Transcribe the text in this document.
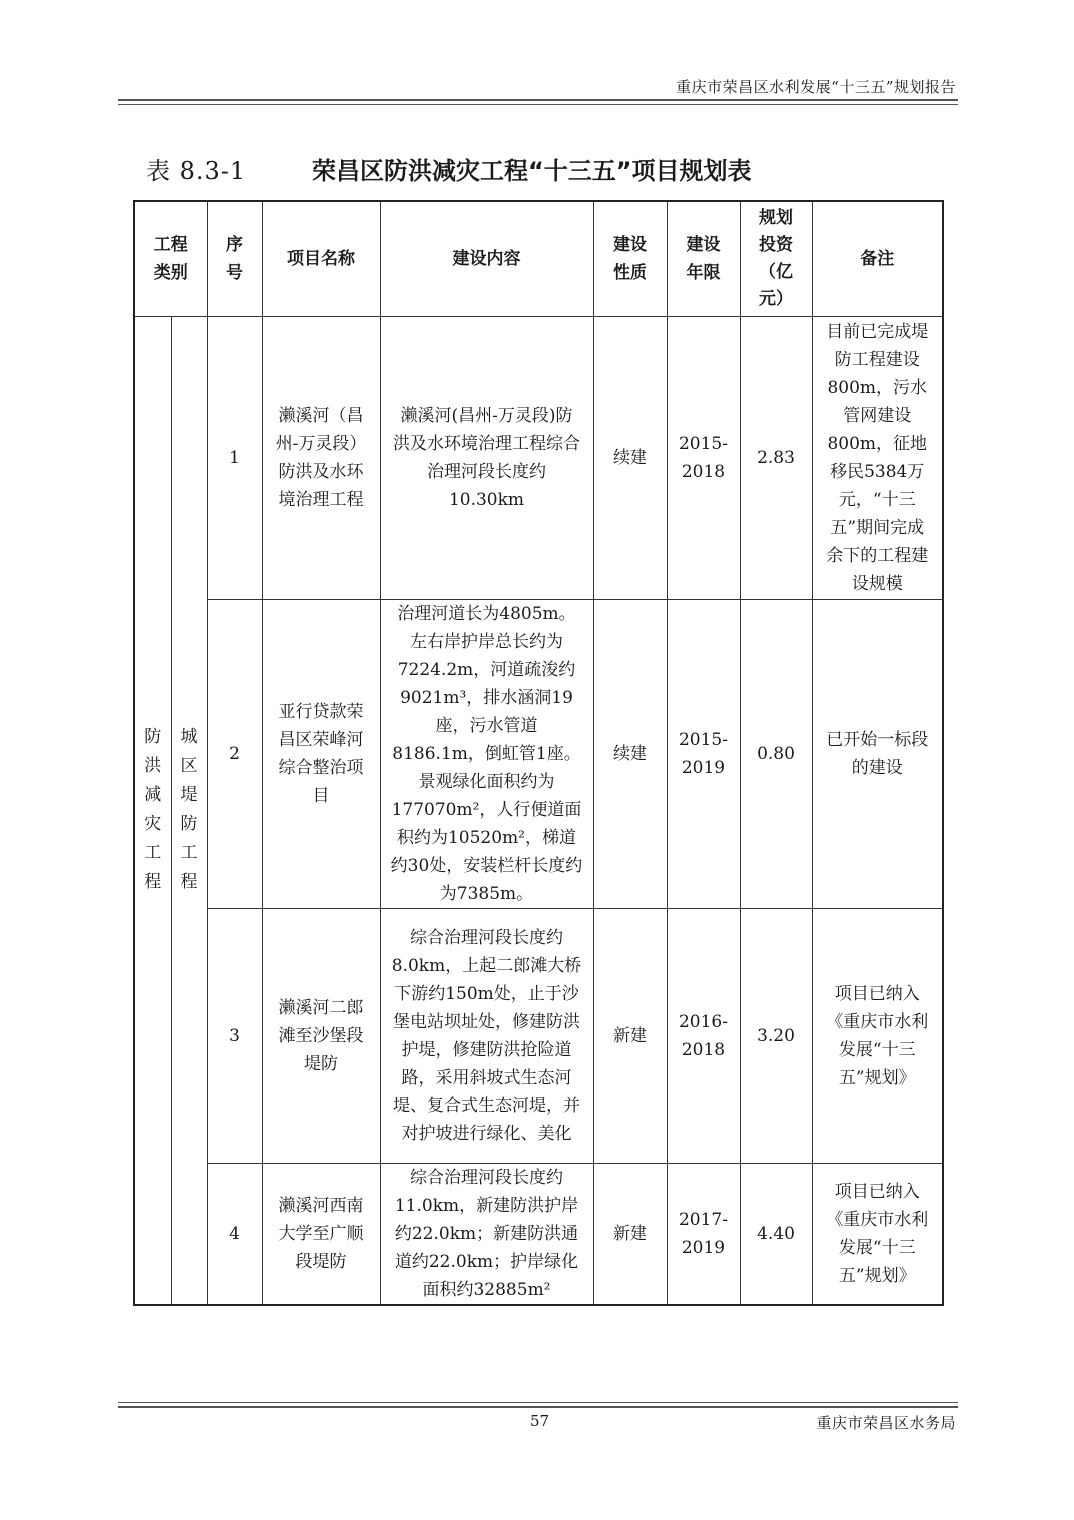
重庆市荣昌区水利发展“十三五”规划报告
表 8.3-1	荣昌区防洪减灾工程“十三五”项目规划表
工程类别		序号	项目名称	建设内容	建设性质	建设年限	规划投资（亿元）	备注

防洪减灾工程	城区堤防工程	1	濑溪河（昌州-万灵段）防洪及水环境治理工程	濑溪河(昌州-万灵段)防洪及水环境治理工程综合治理河段长度约10.30km	续建	2015-2018	2.83	目前已完成堤防工程建设800m，污水管网建设800m，征地移民5384万元，“十三五”期间完成余下的工程建设规模

		2	亚行贷款荣昌区荣峰河综合整治项目	治理河道长为4805m。左右岸护岸总长约为7224.2m，河道疏浚约9021m³，排水涵洞19座，污水管道8186.1m，倒虹管1座。景观绿化面积约为177070m²，人行便道面积约为10520m²，梯道约30处，安装栏杆长度约为7385m。	续建	2015-2019	0.80	已开始一标段的建设

		3	濑溪河二郎滩至沙堡段堤防	综合治理河段长度约8.0km，上起二郎滩大桥下游约150m处，止于沙堡电站坝址处，修建防洪护堤，修建防洪抢险道路，采用斜坡式生态河堤、复合式生态河堤，并对护坡进行绿化、美化	新建	2016-2018	3.20	项目已纳入《重庆市水利发展“十三五”规划》

		4	濑溪河西南大学至广顺段堤防	综合治理河段长度约11.0km，新建防洪护岸约22.0km；新建防洪通道约22.0km；护岸绿化面积约32885m²	新建	2017-2019	4.40	项目已纳入《重庆市水利发展“十三五”规划》
57	重庆市荣昌区水务局
